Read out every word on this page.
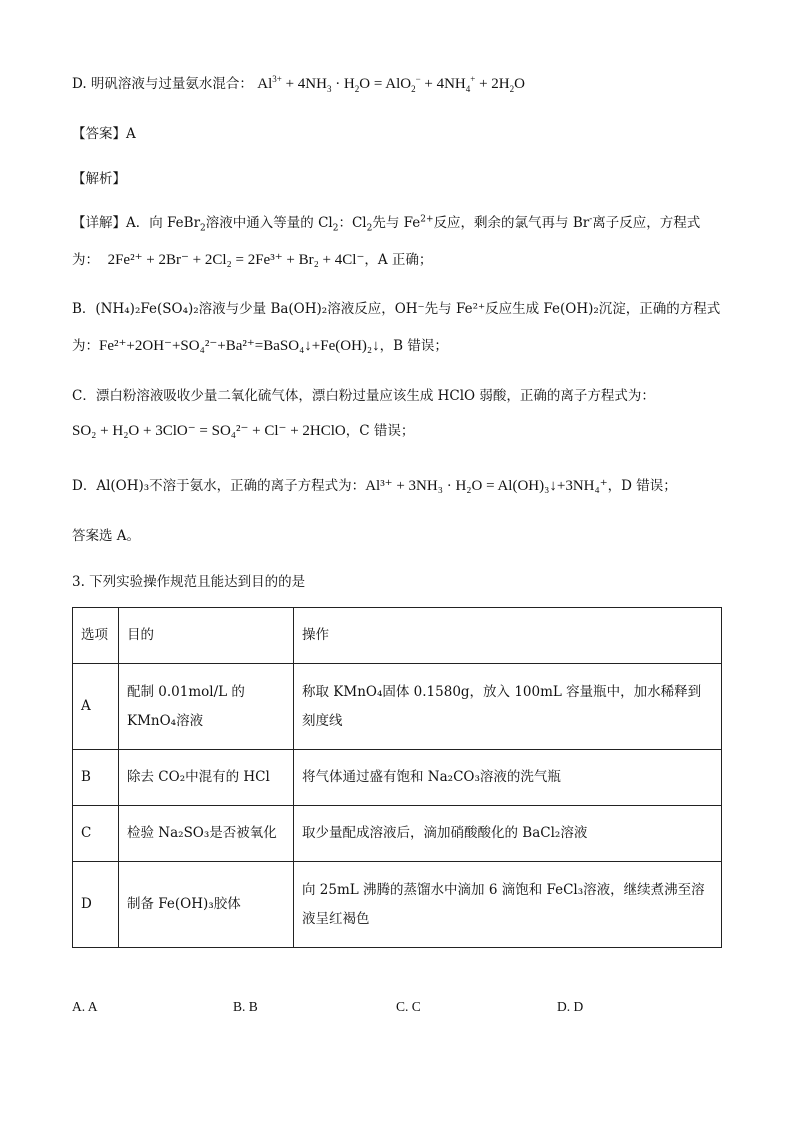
D. 明矾溶液与过量氨水混合： $Al^{3+} + 4NH_3 \cdot H_2O = AlO_2^- + 4NH_4^+ + 2H_2O$
【答案】A
【解析】
【详解】A．向 FeBr$_2$溶液中通入等量的 $Cl_2$：$Cl_2$先与 $Fe^{2+}$反应，剩余的氯气再与 Br-离子反应，方程式
为： 2Fe²⁺ + 2Br⁻ + 2Cl₂ = 2Fe³⁺ + Br₂ + 4Cl⁻，A 正确；
B．(NH₄)₂Fe(SO₄)₂溶液与少量 Ba(OH)₂溶液反应，OH⁻先与 Fe²⁺反应生成 Fe(OH)₂沉淀，正确的方程式
为：Fe²⁺+2OH⁻+SO₄²⁻+Ba²⁺=BaSO₄↓+Fe(OH)₂↓，B 错误；
C．漂白粉溶液吸收少量二氧化硫气体，漂白粉过量应该生成 HClO 弱酸，正确的离子方程式为：
SO₂ + H₂O + 3ClO⁻ = SO₄²⁻ + Cl⁻ + 2HClO，C 错误；
D．Al(OH)₃不溶于氨水，正确的离子方程式为：Al³⁺ + 3NH₃ · H₂O = Al(OH)₃↓+3NH₄⁺，D 错误；
答案选 A。
3. 下列实验操作规范且能达到目的的是
选项	目的	操作
A	配制 0.01mol/L 的 KMnO₄溶液	称取 KMnO₄固体 0.1580g，放入 100mL 容量瓶中，加水稀释到刻度线
B	除去 CO₂中混有的 HCl	将气体通过盛有饱和 Na₂CO₃溶液的洗气瓶
C	检验 Na₂SO₃是否被氧化	取少量配成溶液后，滴加硝酸酸化的 BaCl₂溶液
D	制备 Fe(OH)₃胶体	向 25mL 沸腾的蒸馏水中滴加 6 滴饱和 FeCl₃溶液，继续煮沸至溶液呈红褐色
A. A	B. B	C. C	D. D
